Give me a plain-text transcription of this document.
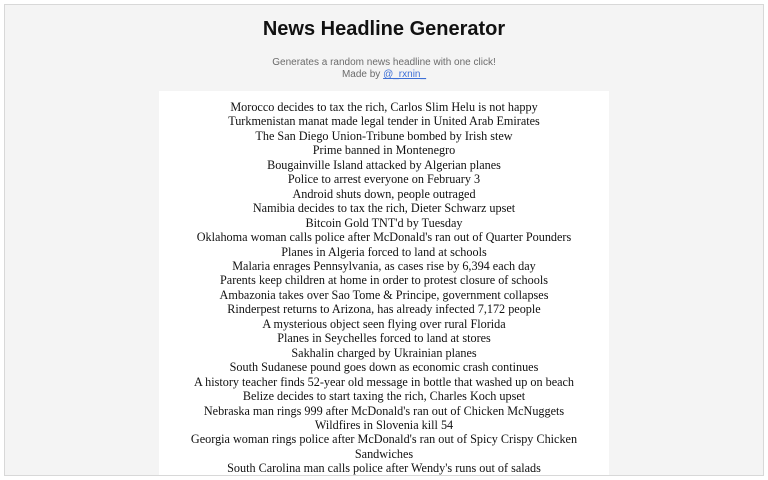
News Headline Generator
Generates a random news headline with one click!
Made by @_rxnin_
Morocco decides to tax the rich, Carlos Slim Helu is not happy
Turkmenistan manat made legal tender in United Arab Emirates
The San Diego Union-Tribune bombed by Irish stew
Prime banned in Montenegro
Bougainville Island attacked by Algerian planes
Police to arrest everyone on February 3
Android shuts down, people outraged
Namibia decides to tax the rich, Dieter Schwarz upset
Bitcoin Gold TNT'd by Tuesday
Oklahoma woman calls police after McDonald's ran out of Quarter Pounders
Planes in Algeria forced to land at schools
Malaria enrages Pennsylvania, as cases rise by 6,394 each day
Parents keep children at home in order to protest closure of schools
Ambazonia takes over Sao Tome & Principe, government collapses
Rinderpest returns to Arizona, has already infected 7,172 people
A mysterious object seen flying over rural Florida
Planes in Seychelles forced to land at stores
Sakhalin charged by Ukrainian planes
South Sudanese pound goes down as economic crash continues
A history teacher finds 52-year old message in bottle that washed up on beach
Belize decides to start taxing the rich, Charles Koch upset
Nebraska man rings 999 after McDonald's ran out of Chicken McNuggets
Wildfires in Slovenia kill 54
Georgia woman rings police after McDonald's ran out of Spicy Crispy Chicken Sandwiches
South Carolina man calls police after Wendy's runs out of salads
